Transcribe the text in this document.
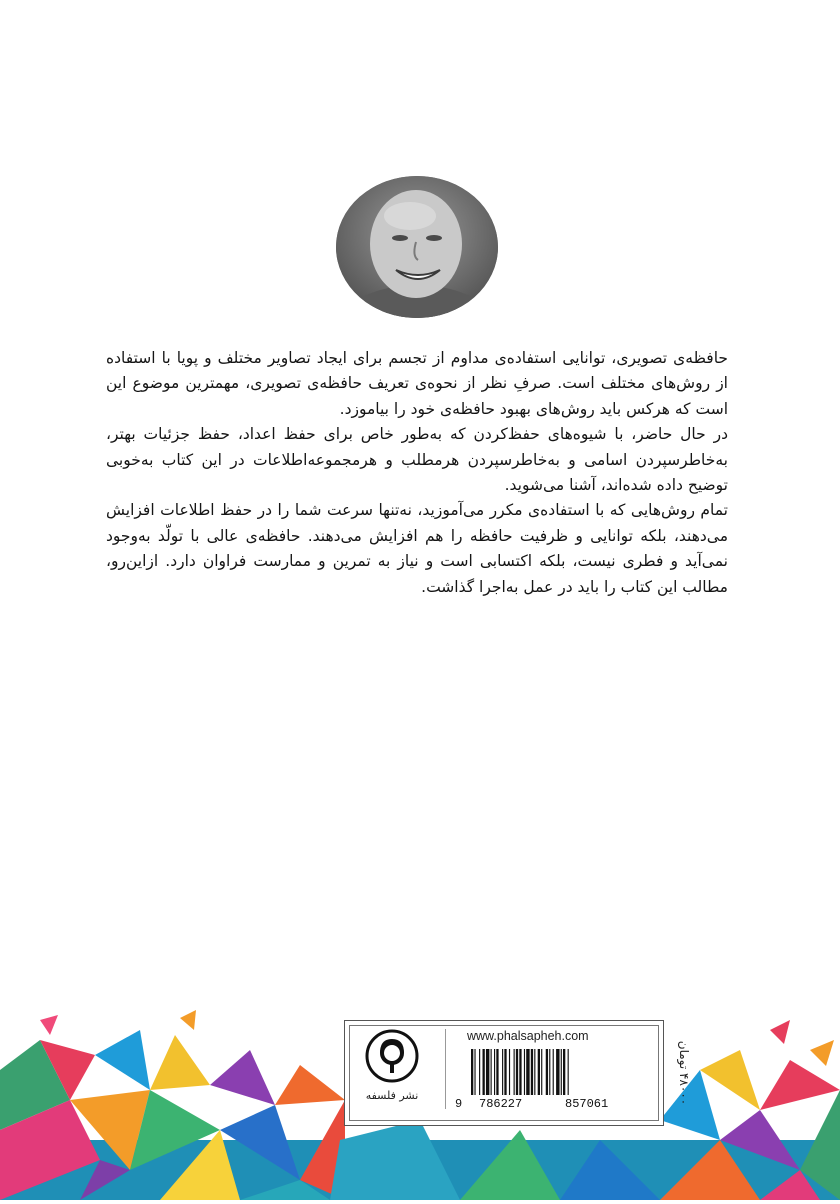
حافظه‌ی تصویری، توانایی استفاده‌ی مداوم از تجسم برای ایجاد تصاویر مختلف و پویا با استفاده از روش‌های مختلف است. صرفِ نظر از نحوه‌ی تعریف حافظه‌ی تصویری، مهمترین موضوع این است که هرکس باید روش‌های بهبود حافظه‌ی خود را بیاموزد.

در حال حاضر، با شیوه‌های حفظ‌کردن که به‌طور خاص برای حفظ اعداد، حفظ جزئیات بهتر، به‌خاطرسپردن اسامی و به‌خاطرسپردن هرمطلب و هرمجموعه‌اطلاعات در این کتاب به‌خوبی توضیح داده شده‌اند، آشنا می‌شوید.

تمام روش‌هایی که با استفاده‌ی مکرر می‌آموزید، نه‌تنها سرعت شما را در حفظ اطلاعات افزایش می‌دهند، بلکه توانایی و ظرفیت حافظه را هم افزایش می‌دهند. حافظه‌ی عالی با تولّد به‌وجود نمی‌آید و فطری نیست، بلکه اکتسابی است و نیاز به تمرین و ممارست فراوان دارد. ازاین‌رو، مطالب این کتاب را باید در عمل به‌اجرا گذاشت.

نشر فلسفه
www.phalsapheh.com
9 786227	857061
۴۸۰۰۰ تومان
